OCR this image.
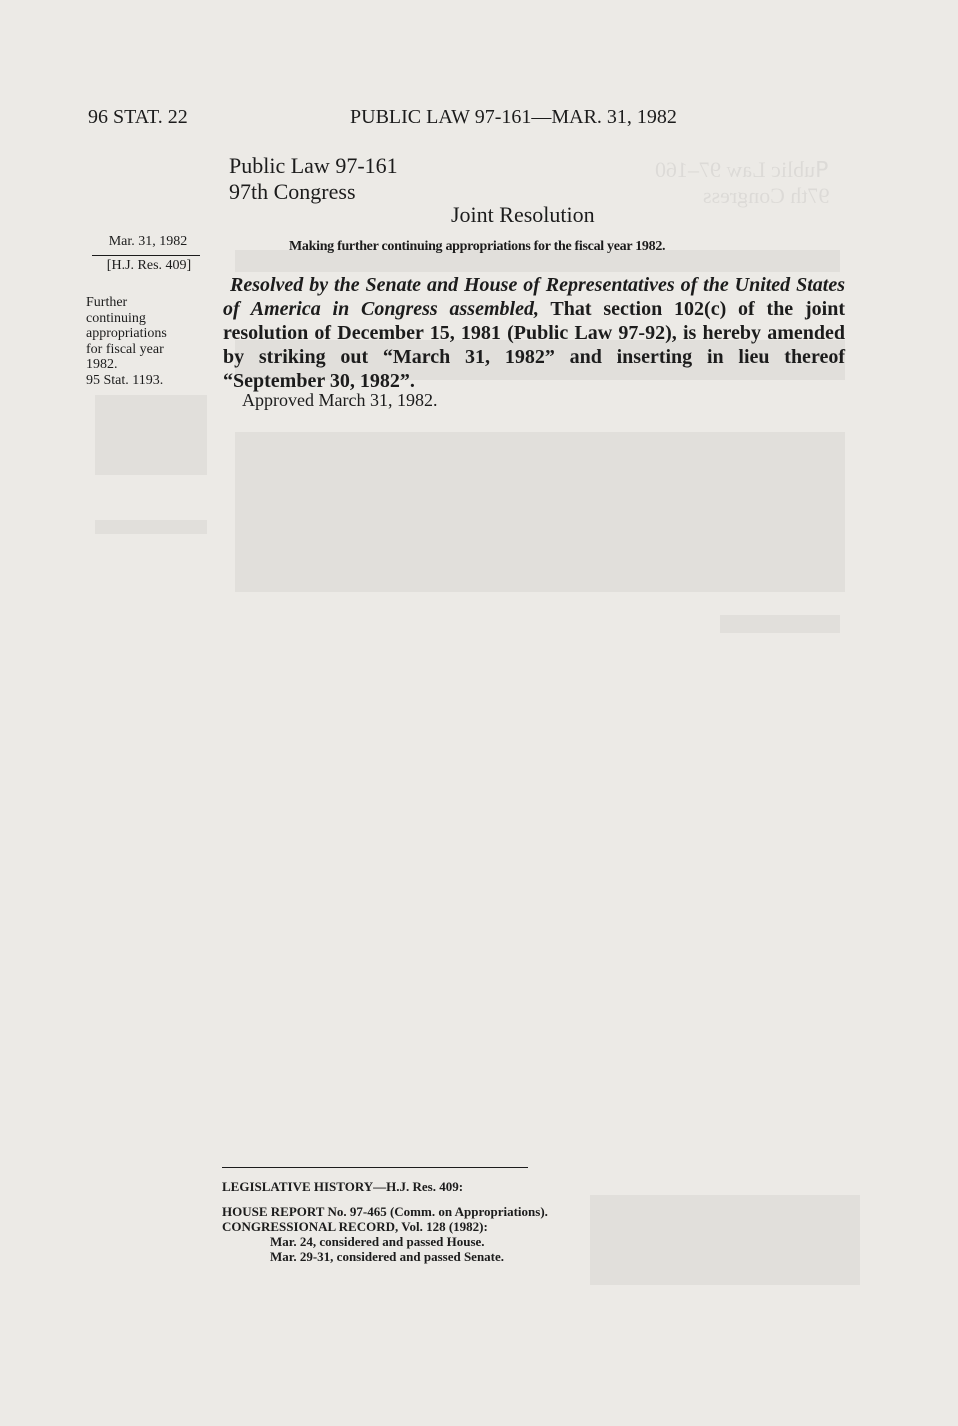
ꟼublic Law 97–160
97th Congress
96 STAT. 22	PUBLIC LAW 97-161—MAR. 31, 1982
Public Law 97-161
97th Congress
Joint Resolution
Mar. 31, 1982
[H.J. Res. 409]
Further
continuing
appropriations
for fiscal year
1982.
95 Stat. 1193.
Making further continuing appropriations for the fiscal year 1982.
Resolved by the Senate and House of Representatives of the United States of America in Congress assembled, That section 102(c) of the joint resolution of December 15, 1981 (Public Law 97-92), is hereby amended by striking out “March 31, 1982” and inserting in lieu thereof “September 30, 1982”.
Approved March 31, 1982.
LEGISLATIVE HISTORY—H.J. Res. 409:
HOUSE REPORT No. 97-465 (Comm. on Appropriations).
CONGRESSIONAL RECORD, Vol. 128 (1982):
Mar. 24, considered and passed House.
Mar. 29-31, considered and passed Senate.
